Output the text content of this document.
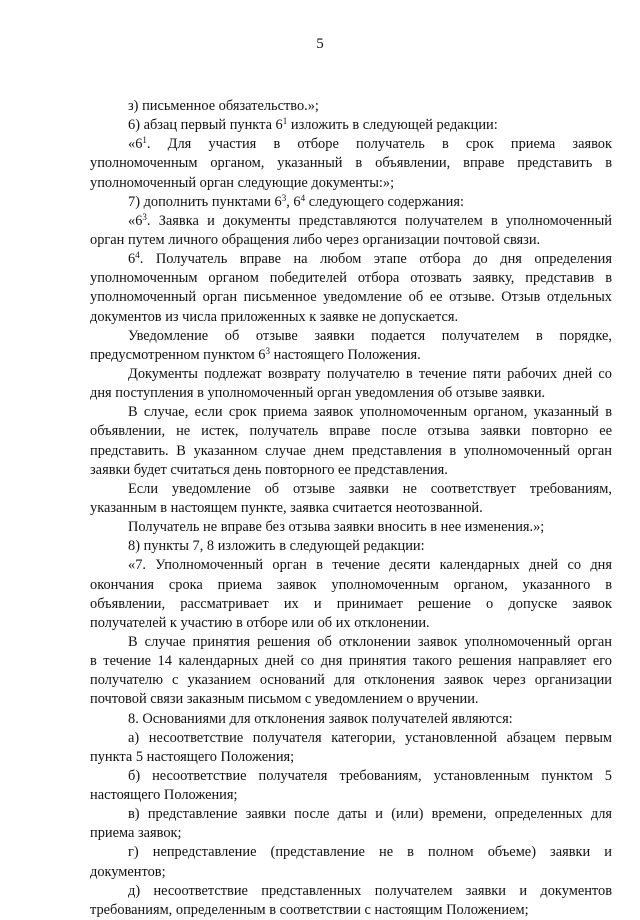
5
з) письменное обязательство.»;
6) абзац первый пункта $6^1$ изложить в следующей редакции:
«$6^1$. Для участия в отборе получатель в срок приема заявок
уполномоченным органом, указанный в объявлении, вправе представить в
уполномоченный орган следующие документы:»;
7) дополнить пунктами $6^3$, $6^4$ следующего содержания:
«$6^3$. Заявка и документы представляются получателем в уполномоченный
орган путем личного обращения либо через организации почтовой связи.
$6^4$. Получатель вправе на любом этапе отбора до дня определения
уполномоченным органом победителей отбора отозвать заявку, представив в
уполномоченный орган письменное уведомление об ее отзыве. Отзыв отдельных
документов из числа приложенных к заявке не допускается.
Уведомление об отзыве заявки подается получателем в порядке,
предусмотренном пунктом $6^3$ настоящего Положения.
Документы подлежат возврату получателю в течение пяти рабочих дней со
дня поступления в уполномоченный орган уведомления об отзыве заявки.
В случае, если срок приема заявок уполномоченным органом, указанный в
объявлении, не истек, получатель вправе после отзыва заявки повторно ее
представить. В указанном случае днем представления в уполномоченный орган
заявки будет считаться день повторного ее представления.
Если уведомление об отзыве заявки не соответствует требованиям,
указанным в настоящем пункте, заявка считается неотозванной.
Получатель не вправе без отзыва заявки вносить в нее изменения.»;
8) пункты 7, 8 изложить в следующей редакции:
«7. Уполномоченный орган в течение десяти календарных дней со дня
окончания срока приема заявок уполномоченным органом, указанного в
объявлении, рассматривает их и принимает решение о допуске заявок
получателей к участию в отборе или об их отклонении.
В случае принятия решения об отклонении заявок уполномоченный орган
в течение 14 календарных дней со дня принятия такого решения направляет его
получателю с указанием оснований для отклонения заявок через организации
почтовой связи заказным письмом с уведомлением о вручении.
8. Основаниями для отклонения заявок получателей являются:
а) несоответствие получателя категории, установленной абзацем первым
пункта 5 настоящего Положения;
б) несоответствие получателя требованиям, установленным пунктом 5
настоящего Положения;
в) представление заявки после даты и (или) времени, определенных для
приема заявок;
г) непредставление (представление не в полном объеме) заявки и
документов;
д) несоответствие представленных получателем заявки и документов
требованиям, определенным в соответствии с настоящим Положением;
